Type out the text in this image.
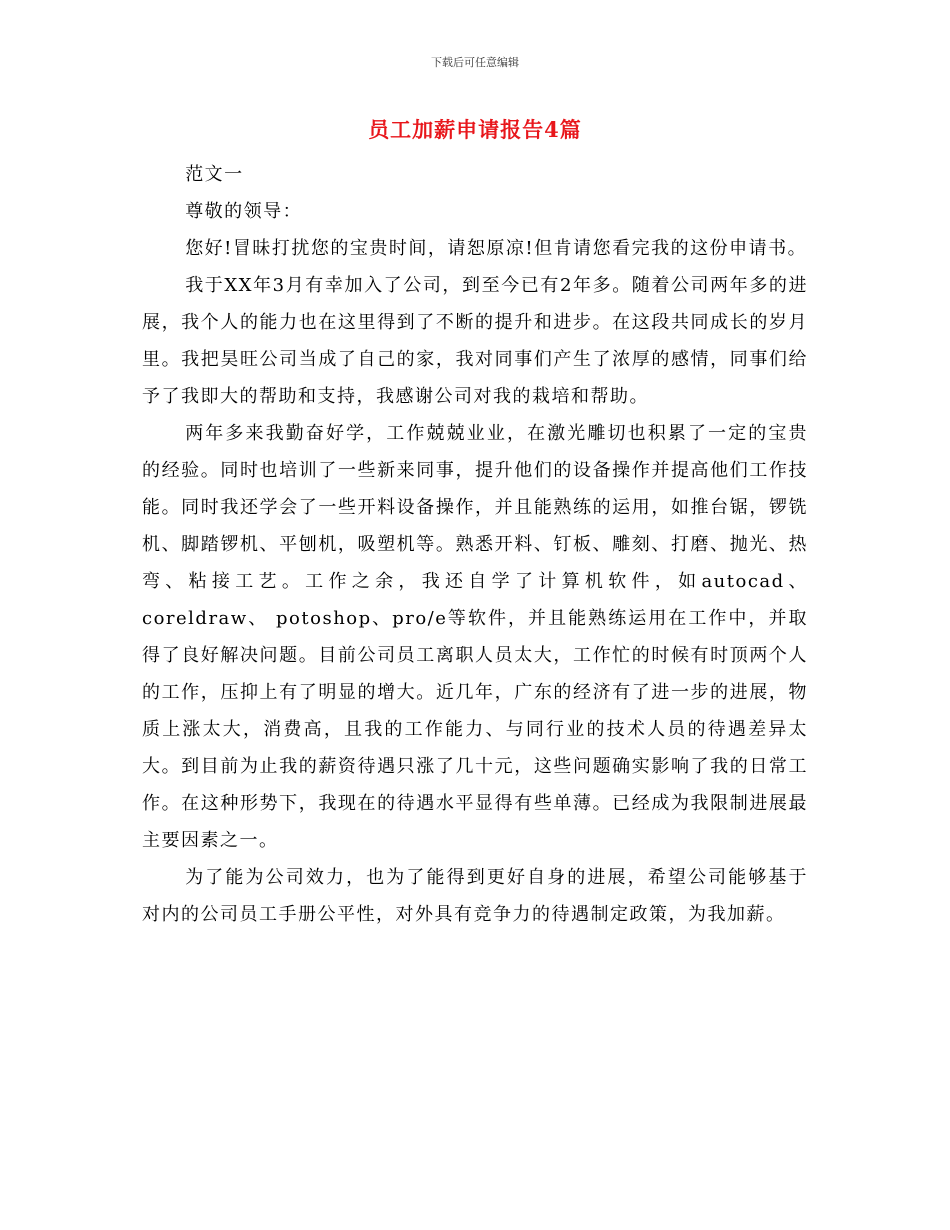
下载后可任意编辑
员工加薪申请报告4篇

范文一

尊敬的领导：

您好!冒昧打扰您的宝贵时间，请恕原凉!但肯请您看完我的这份申请书。

我于XX年3月有幸加入了公司，到至今已有2年多。随着公司两年多的进展，我个人的能力也在这里得到了不断的提升和进步。在这段共同成长的岁月里。我把昊旺公司当成了自己的家，我对同事们产生了浓厚的感情，同事们给予了我即大的帮助和支持，我感谢公司对我的栽培和帮助。

两年多来我勤奋好学，工作兢兢业业，在激光雕切也积累了一定的宝贵的经验。同时也培训了一些新来同事，提升他们的设备操作并提高他们工作技能。同时我还学会了一些开料设备操作，并且能熟练的运用，如推台锯，锣铣机、脚踏锣机、平刨机，吸塑机等。熟悉开料、钉板、雕刻、打磨、抛光、热弯、粘接工艺。工作之余，我还自学了计算机软件，如autocad、coreldraw、 potoshop、pro/e等软件，并且能熟练运用在工作中，并取得了良好解决问题。目前公司员工离职人员太大，工作忙的时候有时顶两个人的工作，压抑上有了明显的增大。近几年，广东的经济有了进一步的进展，物质上涨太大，消费高，且我的工作能力、与同行业的技术人员的待遇差异太大。到目前为止我的薪资待遇只涨了几十元，这些问题确实影响了我的日常工作。在这种形势下，我现在的待遇水平显得有些单薄。已经成为我限制进展最主要因素之一。

为了能为公司效力，也为了能得到更好自身的进展，希望公司能够基于对内的公司员工手册公平性，对外具有竞争力的待遇制定政策，为我加薪。
